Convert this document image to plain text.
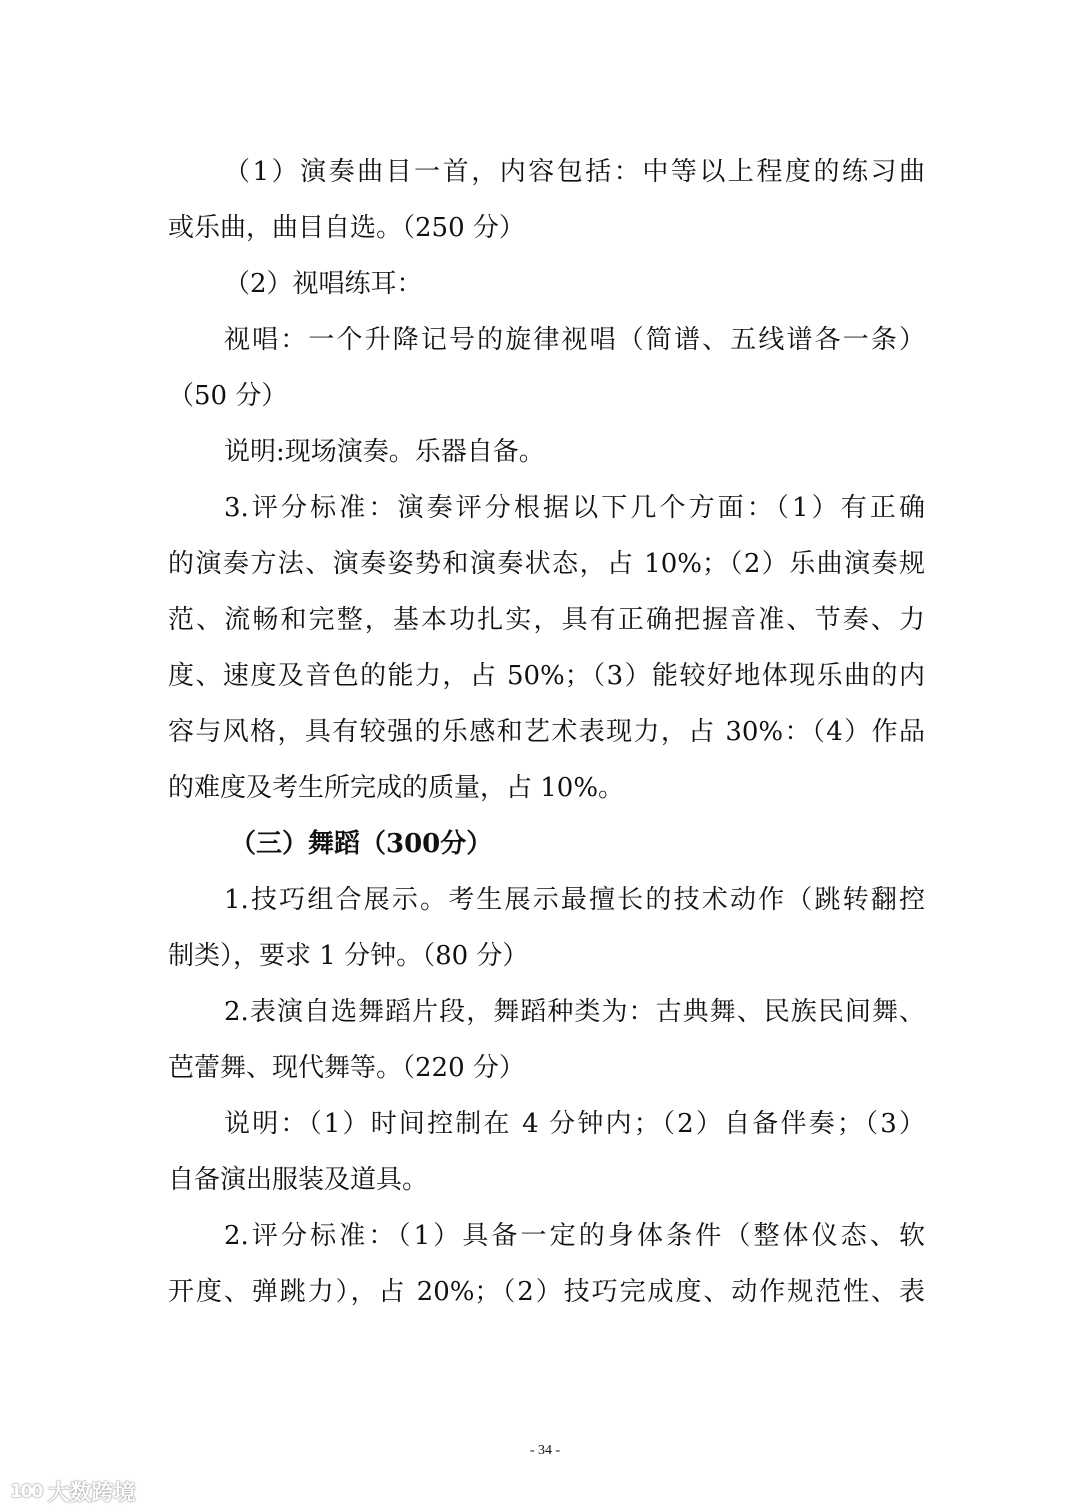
（1）演奏曲目一首，内容包括：中等以上程度的练习曲
或乐曲，曲目自选。（250 分）
（2）视唱练耳：
视唱：一个升降记号的旋律视唱（简谱、五线谱各一条）
（50 分）
说明:现场演奏。乐器自备。
3.评分标准：演奏评分根据以下几个方面：（1）有正确
的演奏方法、演奏姿势和演奏状态，占 10%；（2）乐曲演奏规
范、流畅和完整，基本功扎实，具有正确把握音准、节奏、力
度、速度及音色的能力，占 50%；（3）能较好地体现乐曲的内
容与风格，具有较强的乐感和艺术表现力，占 30%：（4）作品
的难度及考生所完成的质量，占 10%。
（三）舞蹈（300分）
1.技巧组合展示。考生展示最擅长的技术动作（跳转翻控
制类），要求 1 分钟。（80 分）
2.表演自选舞蹈片段，舞蹈种类为：古典舞、民族民间舞、
芭蕾舞、现代舞等。（220 分）
说明：（1）时间控制在 4 分钟内；（2）自备伴奏；（3）
自备演出服装及道具。
2.评分标准：（1）具备一定的身体条件（整体仪态、软
开度、弹跳力），占 20%；（2）技巧完成度、动作规范性、表
- 34 -
100 大数跨境
